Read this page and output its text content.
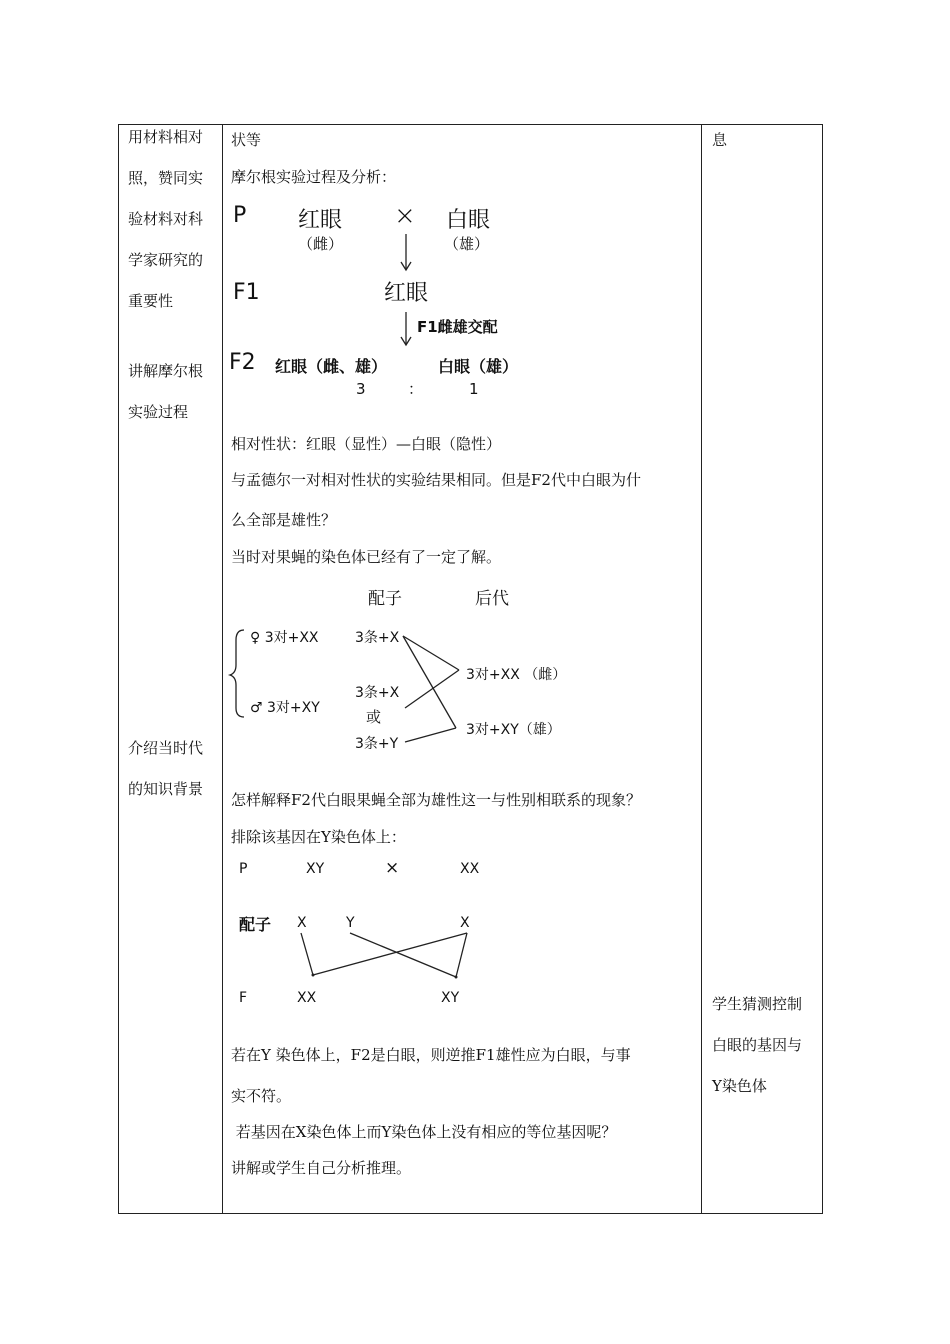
用材料相对
照，赞同实
验材料对科
学家研究的
重要性
讲解摩尔根
实验过程
介绍当时代
的知识背景
息
学生猜测控制
白眼的基因与
Y染色体
状等
摩尔根实验过程及分析：
P 红眼
（雌）
× 白眼
（雄）
F1	红眼
F1雌雄交配
F2 红眼（雌、雄）	白眼（雄）
3	：	1
相对性状：红眼（显性）—白眼（隐性）
与孟德尔一对相对性状的实验结果相同。但是F2代中白眼为什
么全部是雄性？
当时对果蝇的染色体已经有了一定了解。
配子	后代
♀ 3对+XX
♂ 3对+XY
3条+X
3条+X
或
3条+Y
3对+XX （雌）
3对+XY（雄）
怎样解释F2代白眼果蝇全部为雄性这一与性别相联系的现象？
排除该基因在Y染色体上：
P	XY	×	XX
配子 X	Y	X
F	XX	XY
若在Y 染色体上，F2是白眼，则逆推F1雄性应为白眼，与事
实不符。
若基因在X染色体上而Y染色体上没有相应的等位基因呢？
讲解或学生自己分析推理。
